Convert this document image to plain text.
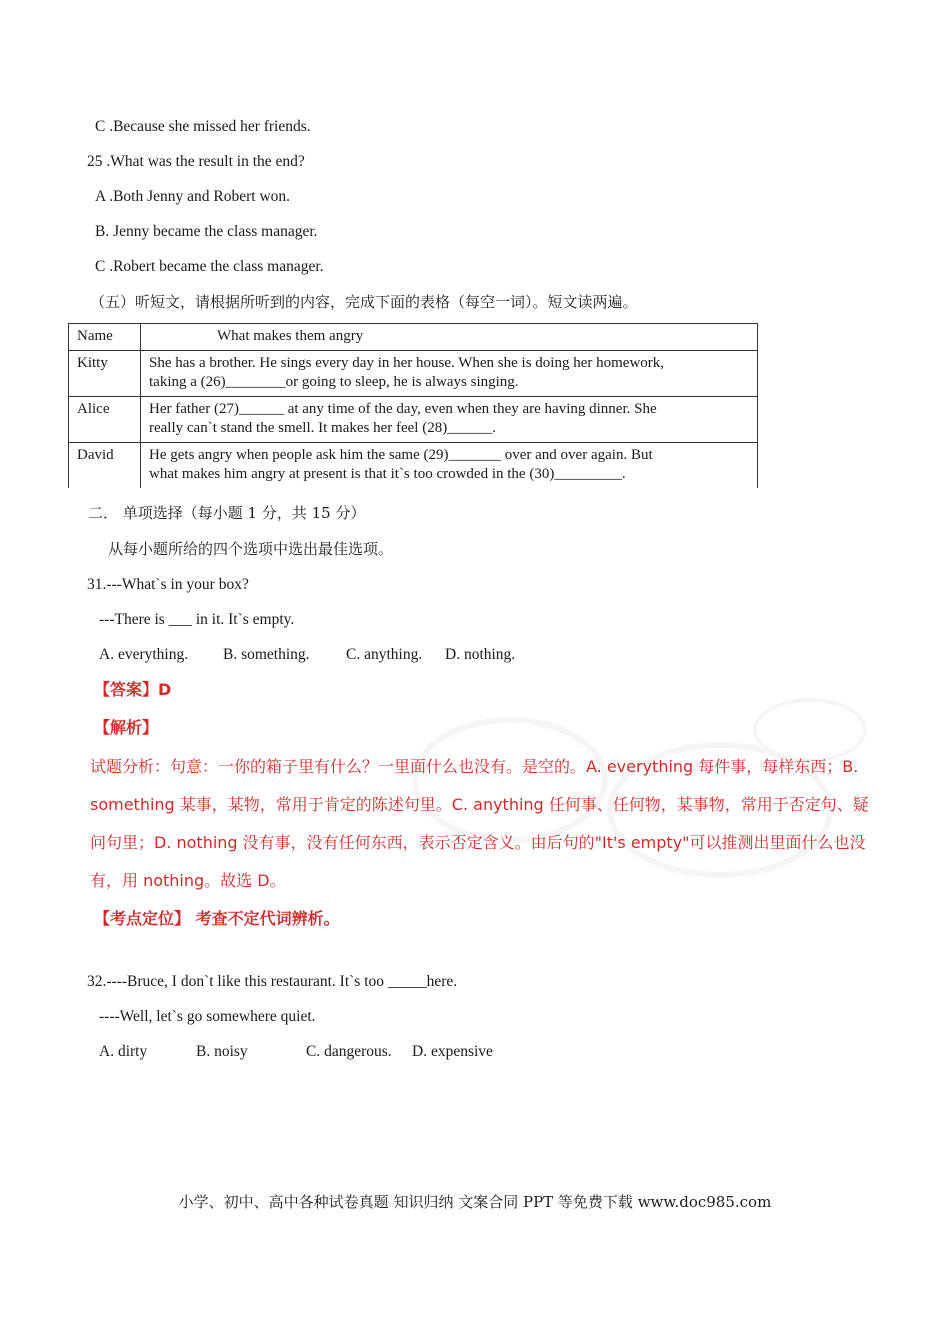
C .Because she missed her friends.
25 .What was the result in the end?
A .Both Jenny and Robert won.
B. Jenny became the class manager.
C .Robert became the class manager.
（五）听短文，请根据所听到的内容，完成下面的表格（每空一词）。短文读两遍。
Name	What makes them angry
Kitty	She has a brother. He sings every day in her house. When she is doing her homework,
taking a (26)________or going to sleep, he is always singing.

Alice	Her father (27)______ at any time of the day, even when they are having dinner. She
really can`t stand the smell. It makes her feel (28)______.

David	He gets angry when people ask him the same (29)_______ over and over again. But
what makes him angry at present is that it`s too crowded in the (30)_________.
二． 单项选择（每小题 1 分，共 15 分）
从每小题所给的四个选项中选出最佳选项。
31.---What`s in your box?
---There is ___ in it. It`s empty.
A. everything. B. something. C. anything. D. nothing.
【答案】D
【解析】
试题分析：句意：一你的箱子里有什么？一里面什么也没有。是空的。A. everything 每件事，每样东西；B.
something 某事，某物，常用于肯定的陈述句里。C. anything 任何事、任何物，某事物，常用于否定句、疑
问句里；D. nothing 没有事，没有任何东西，表示否定含义。由后句的"It's empty"可以推测出里面什么也没
有，用 nothing。故选 D。
【考点定位】 考查不定代词辨析。
32.----Bruce, I don`t like this restaurant. It`s too _____here.
----Well, let`s go somewhere quiet.
A. dirty	B. noisy	C. dangerous. D. expensive
小学、初中、高中各种试卷真题 知识归纳 文案合同 PPT 等免费下载 www.doc985.com
